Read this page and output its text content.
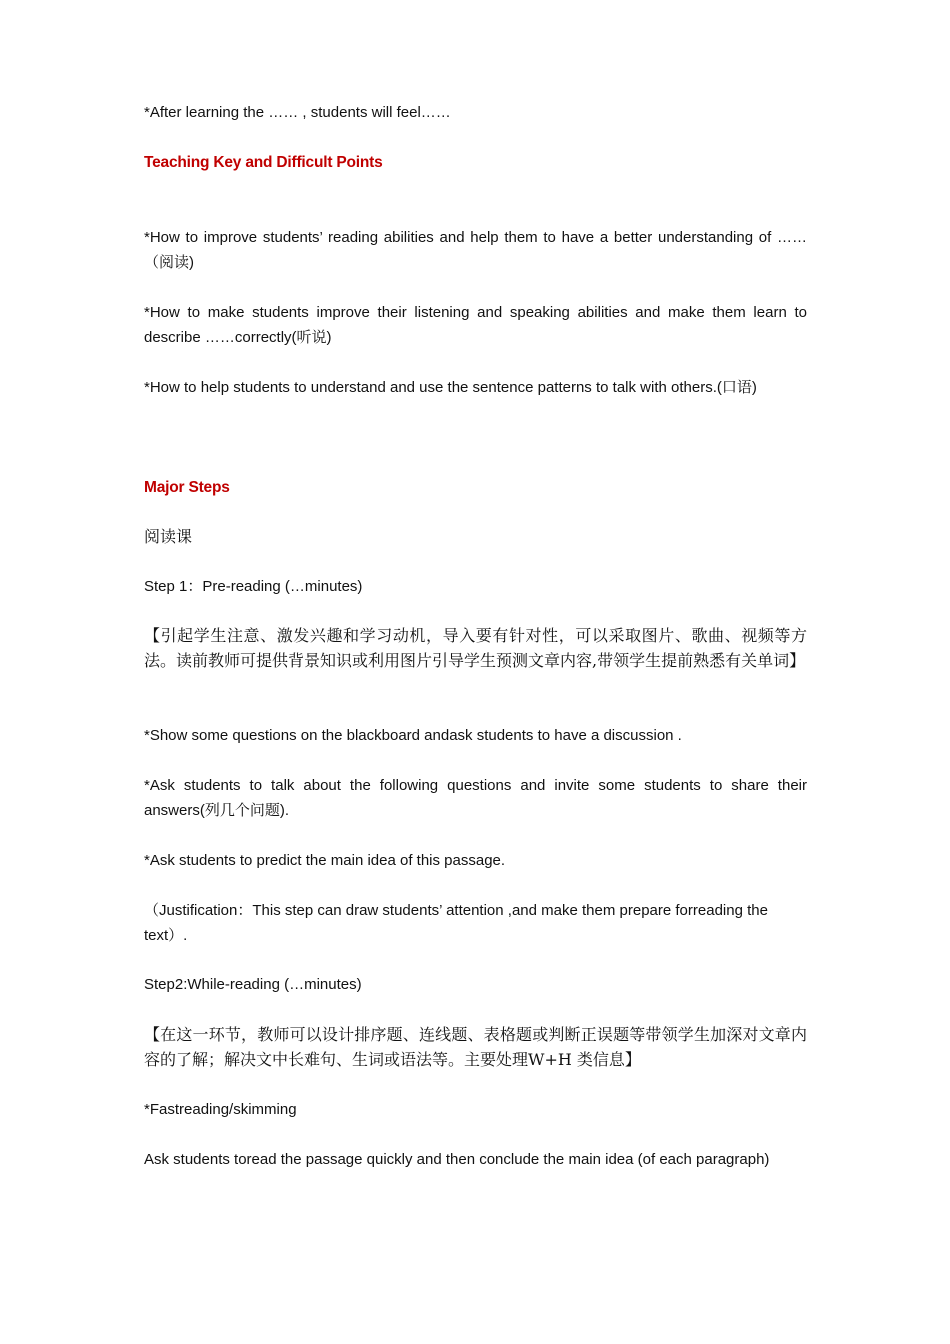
*After learning the …… , students will feel……

Teaching Key and Difficult Points

*How to improve students’ reading abilities and help them to have a better understanding of …… （阅读)

*How to make students improve their listening and speaking abilities and make them learn to describe ……correctly(听说)

*How to help students to understand and use the sentence patterns to talk with others.(口语)

Major Steps

阅读课

Step 1：Pre-reading (…minutes)

【引起学生注意、激发兴趣和学习动机，导入要有针对性，可以采取图片、歌曲、视频等方法。读前教师可提供背景知识或利用图片引导学生预测文章内容,带领学生提前熟悉有关单词】

*Show some questions on the blackboard andask students to have a discussion .

*Ask students to talk about the following questions and invite some students to share their answers(列几个问题).

*Ask students to predict the main idea of this passage.

（Justification：This step can draw students’ attention ,and make them prepare forreading the text）.

Step2:While-reading (…minutes)

【在这一环节，教师可以设计排序题、连线题、表格题或判断正误题等带领学生加深对文章内容的了解；解决文中长难句、生词或语法等。主要处理W+H 类信息】

*Fastreading/skimming

Ask students toread the passage quickly and then conclude the main idea (of each paragraph)
